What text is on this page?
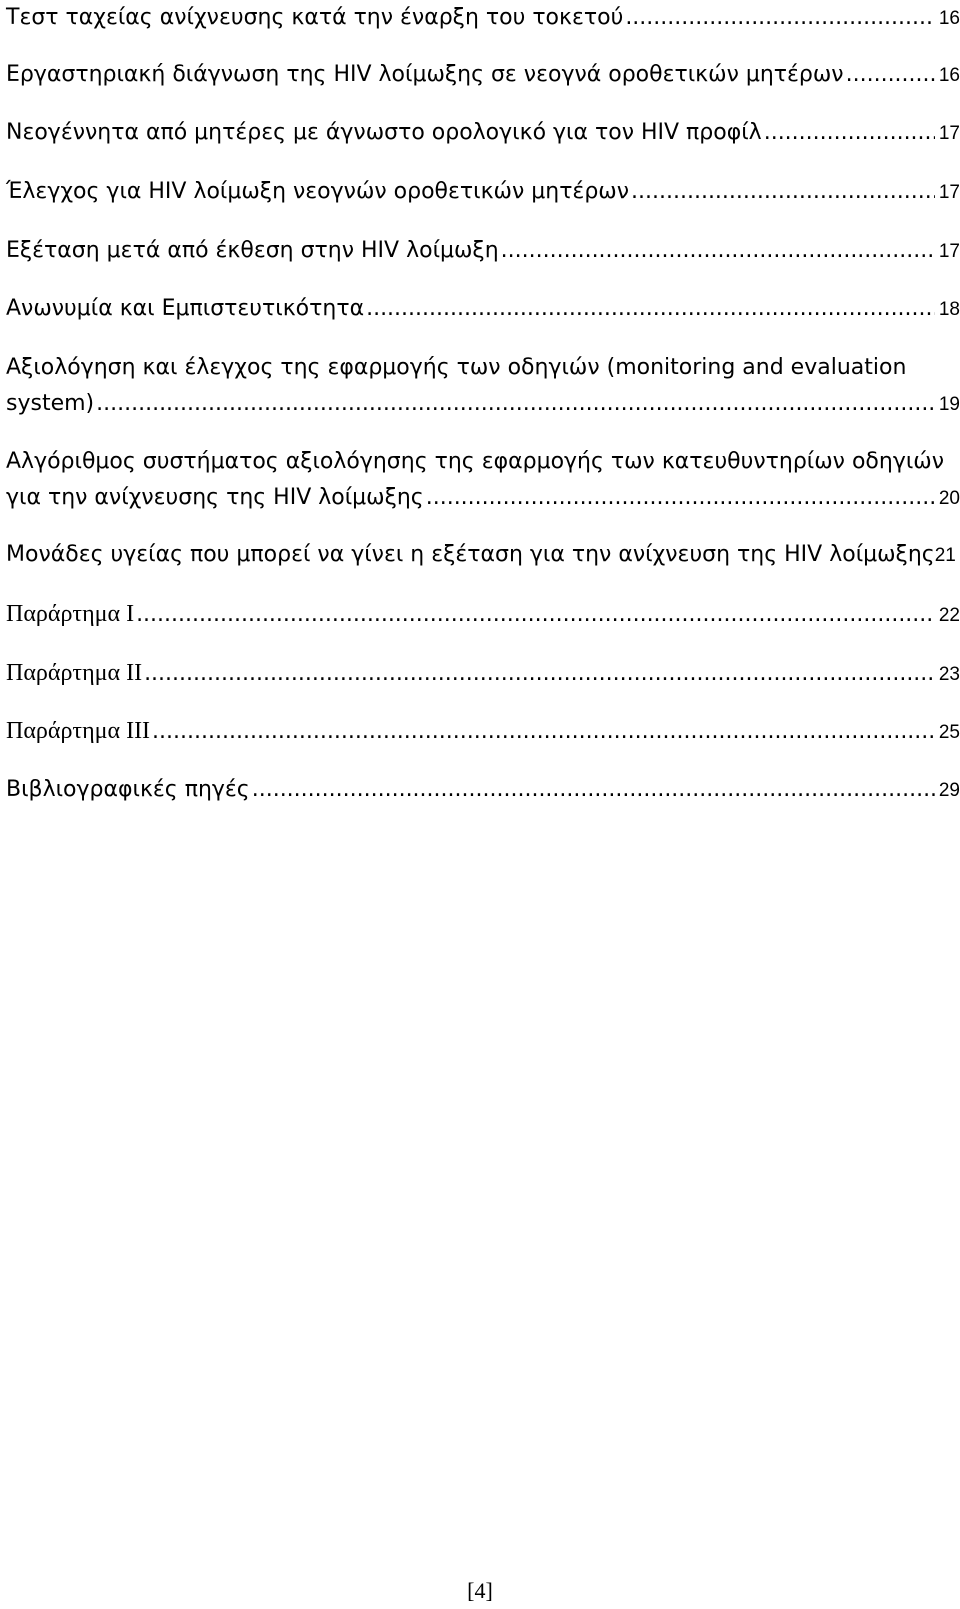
Τεστ ταχείας ανίχνευσης κατά την έναρξη του τοκετού .....	16
Εργαστηριακή διάγνωση της HIV λοίμωξης σε νεογνά οροθετικών μητέρων .....	16
Νεογέννητα από μητέρες με άγνωστο ορολογικό για τον HIV προφίλ .....	17
Έλεγχος για HIV λοίμωξη νεογνών οροθετικών μητέρων .....	17
Εξέταση μετά από έκθεση στην HIV λοίμωξη .....	17
Ανωνυμία και Εμπιστευτικότητα .....	18
Αξιολόγηση και έλεγχος της εφαρμογής των οδηγιών (monitoring and evaluation
system) .....	19
Αλγόριθμος συστήματος αξιολόγησης της εφαρμογής των κατευθυντηρίων οδηγιών
για την ανίχνευσης της HIV λοίμωξης .....	20
Μονάδες υγείας που μπορεί να γίνει η εξέταση για την ανίχνευση της HIV λοίμωξης 21
Παράρτημα I .....	22
Παράρτημα II .....	23
Παράρτημα III .....	25
Βιβλιογραφικές πηγές .....	29
[4]
